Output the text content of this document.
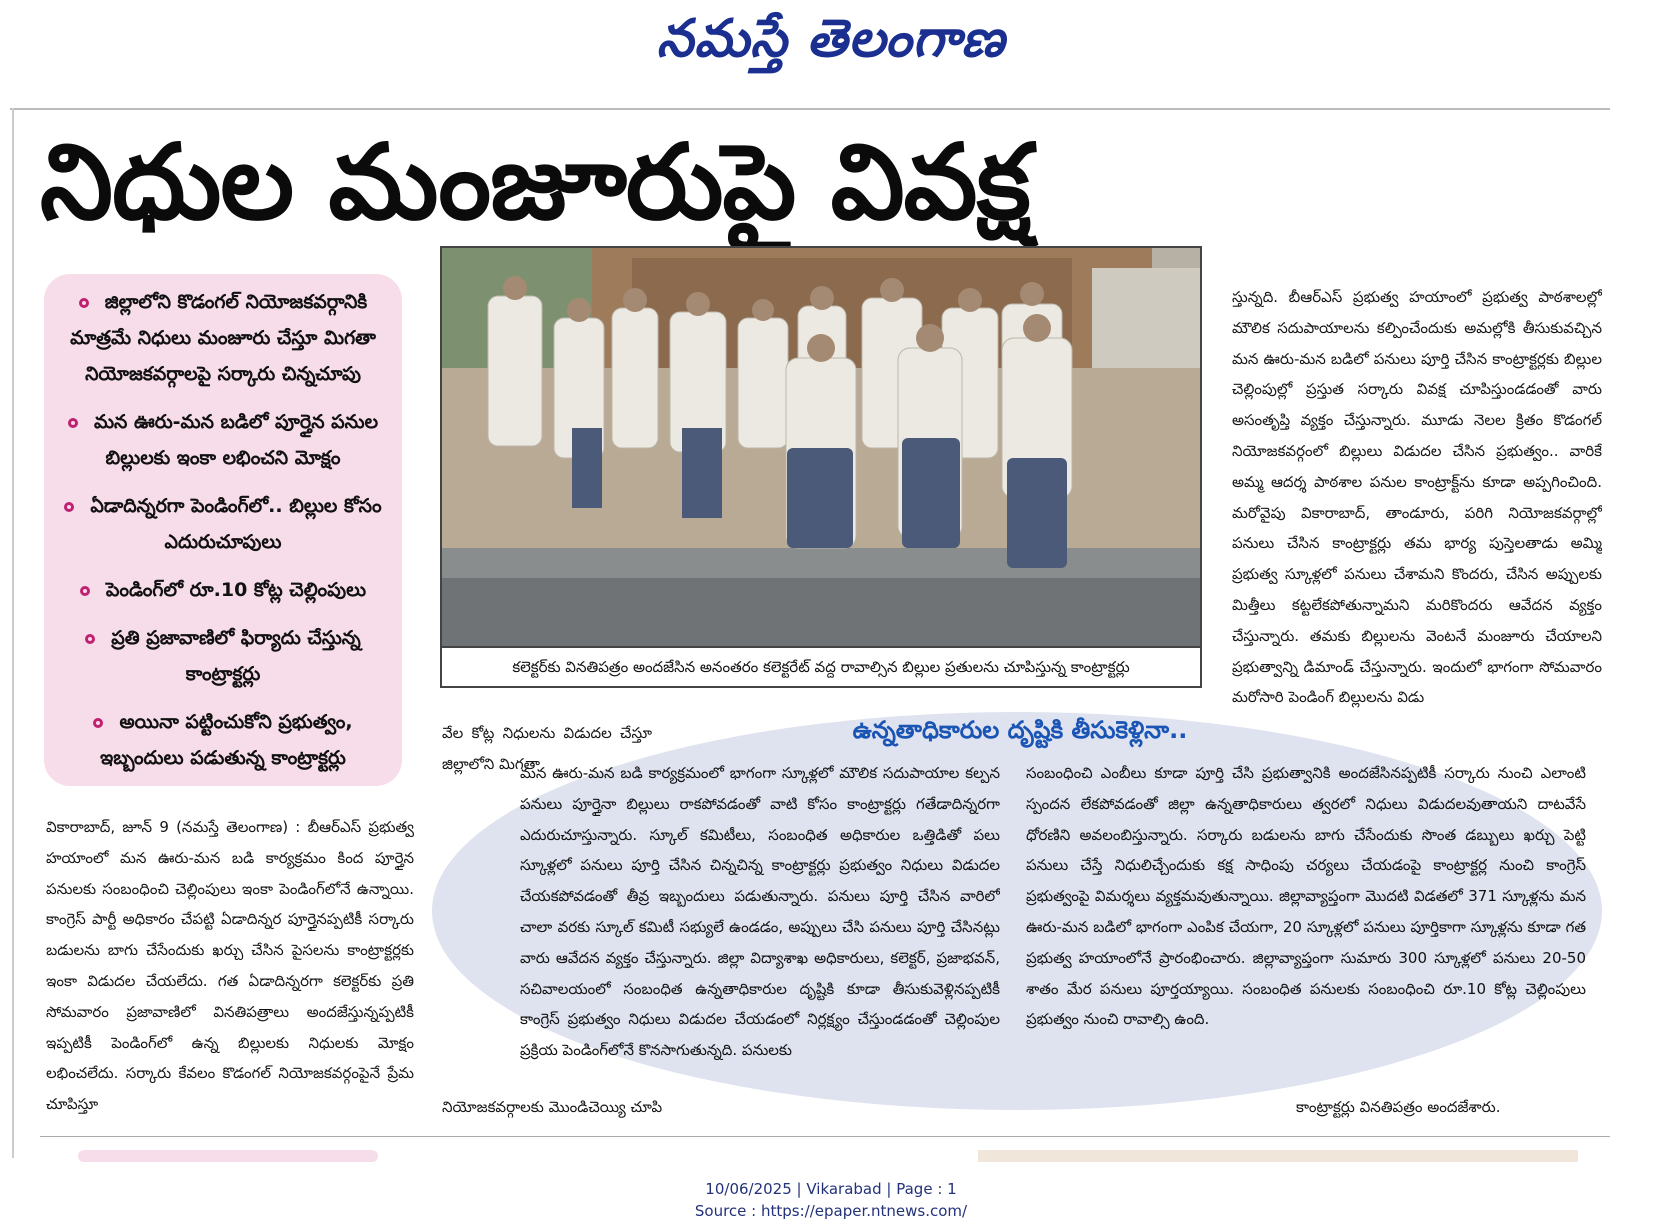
నమస్తే తెలంగాణ
నిధుల మంజూరుపై వివక్ష
జిల్లాలోని కొడంగల్ నియోజకవర్గానికి మాత్రమే నిధులు మంజూరు చేస్తూ మిగతా నియోజకవర్గాలపై సర్కారు చిన్నచూపు
మన ఊరు-మన బడిలో పూర్తైన పనుల బిల్లులకు ఇంకా లభించని మోక్షం
ఏడాదిన్నరగా పెండింగ్‌లో.. బిల్లుల కోసం ఎదురుచూపులు
పెండింగ్‌లో రూ.10 కోట్ల చెల్లింపులు
ప్రతి ప్రజావాణిలో ఫిర్యాదు చేస్తున్న కాంట్రాక్టర్లు
అయినా పట్టించుకోని ప్రభుత్వం, ఇబ్బందులు పడుతున్న కాంట్రాక్టర్లు
కలెక్టర్‌కు వినతిపత్రం అందజేసిన అనంతరం కలెక్టరేట్ వద్ద రావాల్సిన బిల్లుల ప్రతులను చూపిస్తున్న కాంట్రాక్టర్లు
ఉన్నతాధికారుల దృష్టికి తీసుకెళ్లినా..
మన ఊరు-మన బడి కార్యక్రమంలో భాగంగా స్కూళ్లలో మౌలిక సదుపాయాల కల్పన పనులు పూర్తైనా బిల్లులు రాకపోవడంతో వాటి కోసం కాంట్రాక్టర్లు గతేడాదిన్నరగా ఎదురుచూస్తున్నారు. స్కూల్ కమిటీలు, సంబంధిత అధికారుల ఒత్తిడితో పలు స్కూళ్లలో పనులు పూర్తి చేసిన చిన్నచిన్న కాంట్రాక్టర్లు ప్రభుత్వం నిధులు విడుదల చేయకపోవడంతో తీవ్ర ఇబ్బందులు పడుతున్నారు. పనులు పూర్తి చేసిన వారిలో చాలా వరకు స్కూల్ కమిటీ సభ్యులే ఉండడం, అప్పులు చేసి పనులు పూర్తి చేసినట్లు వారు ఆవేదన వ్యక్తం చేస్తున్నారు. జిల్లా విద్యాశాఖ అధికారులు, కలెక్టర్, ప్రజాభవన్, సచివాలయంలో సంబంధిత ఉన్నతాధికారుల దృష్టికి కూడా తీసుకువెళ్లినప్పటికీ కాంగ్రెస్ ప్రభుత్వం నిధులు విడుదల చేయడంలో నిర్లక్ష్యం చేస్తుండడంతో చెల్లింపుల ప్రక్రియ పెండింగ్‌లోనే కొనసాగుతున్నది. పనులకు
సంబంధించి ఎంబీలు కూడా పూర్తి చేసి ప్రభుత్వానికి అందజేసినప్పటికీ సర్కారు నుంచి ఎలాంటి స్పందన లేకపోవడంతో జిల్లా ఉన్నతాధికారులు త్వరలో నిధులు విడుదలవుతాయని దాటవేసే ధోరణిని అవలంబిస్తున్నారు. సర్కారు బడులను బాగు చేసేందుకు సొంత డబ్బులు ఖర్చు పెట్టి పనులు చేస్తే నిధులిచ్చేందుకు కక్ష సాధింపు చర్యలు చేయడంపై కాంట్రాక్టర్ల నుంచి కాంగ్రెస్ ప్రభుత్వంపై విమర్శలు వ్యక్తమవుతున్నాయి. జిల్లావ్యాప్తంగా మొదటి విడతలో 371 స్కూళ్లను మన ఊరు-మన బడిలో భాగంగా ఎంపిక చేయగా, 20 స్కూళ్లలో పనులు పూర్తికాగా స్కూళ్లను కూడా గత ప్రభుత్వ హయాంలోనే ప్రారంభించారు. జిల్లావ్యాప్తంగా సుమారు 300 స్కూళ్లలో పనులు 20-50 శాతం మేర పనులు పూర్తయ్యాయి. సంబంధిత పనులకు సంబంధించి రూ.10 కోట్ల చెల్లింపులు ప్రభుత్వం నుంచి రావాల్సి ఉంది.
వికారాబాద్, జూన్ 9 (నమస్తే తెలంగాణ) : బీఆర్‌ఎస్ ప్రభుత్వ హయాంలో మన ఊరు-మన బడి కార్యక్రమం కింద పూర్తైన పనులకు సంబంధించి చెల్లింపులు ఇంకా పెండింగ్‌లోనే ఉన్నాయి. కాంగ్రెస్ పార్టీ అధికారం చేపట్టి ఏడాదిన్నర పూర్తైనప్పటికీ సర్కారు బడులను బాగు చేసేందుకు ఖర్చు చేసిన పైసలను కాంట్రాక్టర్లకు ఇంకా విడుదల చేయలేదు. గత ఏడాదిన్నరగా కలెక్టర్‌కు ప్రతి సోమవారం ప్రజావాణిలో వినతిపత్రాలు అందజేస్తున్నప్పటికీ ఇప్పటికీ పెండింగ్‌లో ఉన్న బిల్లులకు నిధులకు మోక్షం లభించలేదు. సర్కారు కేవలం కొడంగల్ నియోజకవర్గంపైనే ప్రేమ చూపిస్తూ
వేల కోట్ల నిధులను విడుదల చేస్తూ జిల్లాలోని మిగతా
నియోజకవర్గాలకు మొండిచెయ్యి చూపి
స్తున్నది. బీఆర్‌ఎస్ ప్రభుత్వ హయాంలో ప్రభుత్వ పాఠశాలల్లో మౌలిక సదుపాయాలను కల్పించేందుకు అమల్లోకి తీసుకువచ్చిన మన ఊరు-మన బడిలో పనులు పూర్తి చేసిన కాంట్రాక్టర్లకు బిల్లుల చెల్లింపుల్లో ప్రస్తుత సర్కారు వివక్ష చూపిస్తుండడంతో వారు అసంతృప్తి వ్యక్తం చేస్తున్నారు. మూడు నెలల క్రితం కొడంగల్ నియోజకవర్గంలో బిల్లులు విడుదల చేసిన ప్రభుత్వం.. వారికే అమ్మ ఆదర్శ పాఠశాల పనుల కాంట్రాక్ట్‌ను కూడా అప్పగించింది. మరోవైపు వికారాబాద్, తాండూరు, పరిగి నియోజకవర్గాల్లో పనులు చేసిన కాంట్రాక్టర్లు తమ భార్య పుస్తెలతాడు అమ్మి ప్రభుత్వ స్కూళ్లలో పనులు చేశామని కొందరు, చేసిన అప్పులకు మిత్తీలు కట్టలేకపోతున్నామని మరికొందరు ఆవేదన వ్యక్తం చేస్తున్నారు. తమకు బిల్లులను వెంటనే మంజూరు చేయాలని ప్రభుత్వాన్ని డిమాండ్ చేస్తున్నారు. ఇందులో భాగంగా సోమవారం మరోసారి పెండింగ్ బిల్లులను విడు
కాంట్రాక్టర్లు వినతిపత్రం అందజేశారు.
10/06/2025 | Vikarabad | Page : 1
Source : https://epaper.ntnews.com/
